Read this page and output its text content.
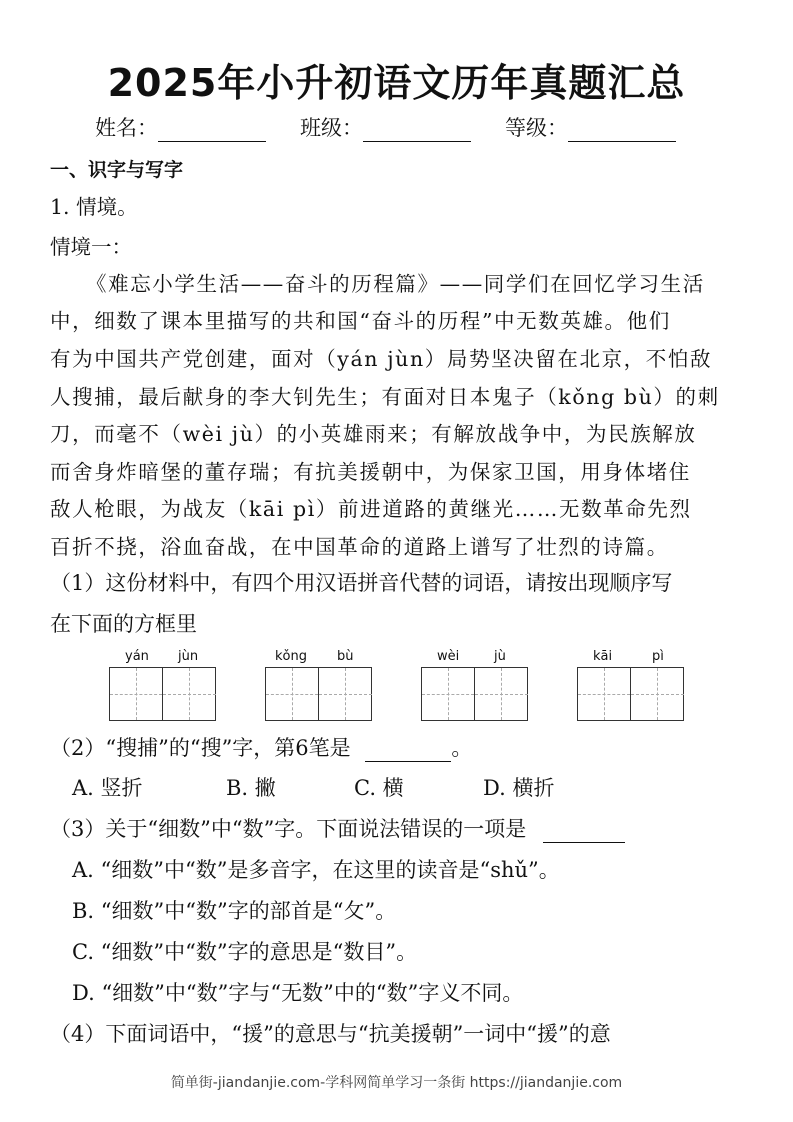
2025年小升初语文历年真题汇总
姓名：	班级：	等级：
一、识字与写字
1. 情境。
情境一：
《难忘小学生活——奋斗的历程篇》——同学们在回忆学习生活
中，细数了课本里描写的共和国“奋斗的历程”中无数英雄。他们
有为中国共产党创建，面对（yán jùn）局势坚决留在北京，不怕敌
人搜捕，最后献身的李大钊先生；有面对日本鬼子（kǒng bù）的刺
刀，而毫不（wèi jù）的小英雄雨来；有解放战争中，为民族解放
而舍身炸暗堡的董存瑞；有抗美援朝中，为保家卫国，用身体堵住
敌人枪眼，为战友（kāi pì）前进道路的黄继光……无数革命先烈
百折不挠，浴血奋战，在中国革命的道路上谱写了壮烈的诗篇。
（1）这份材料中，有四个用汉语拼音代替的词语，请按出现顺序写
在下面的方框里
yán jùn	kǒng bù	wèi	jù	kāi	pì
（2）“搜捕”的“搜”字，第6笔是	。
A. 竖折	B. 撇	C. 横	D. 横折
（3）关于“细数”中“数”字。下面说法错误的一项是
A. “细数”中“数”是多音字，在这里的读音是“shǔ”。
B. “细数”中“数”字的部首是“攵”。
C. “细数”中“数”字的意思是“数目”。
D. “细数”中“数”字与“无数”中的“数”字义不同。
（4）下面词语中，“援”的意思与“抗美援朝”一词中“援”的意
简单街-jiandanjie.com-学科网简单学习一条街 https://jiandanjie.com
